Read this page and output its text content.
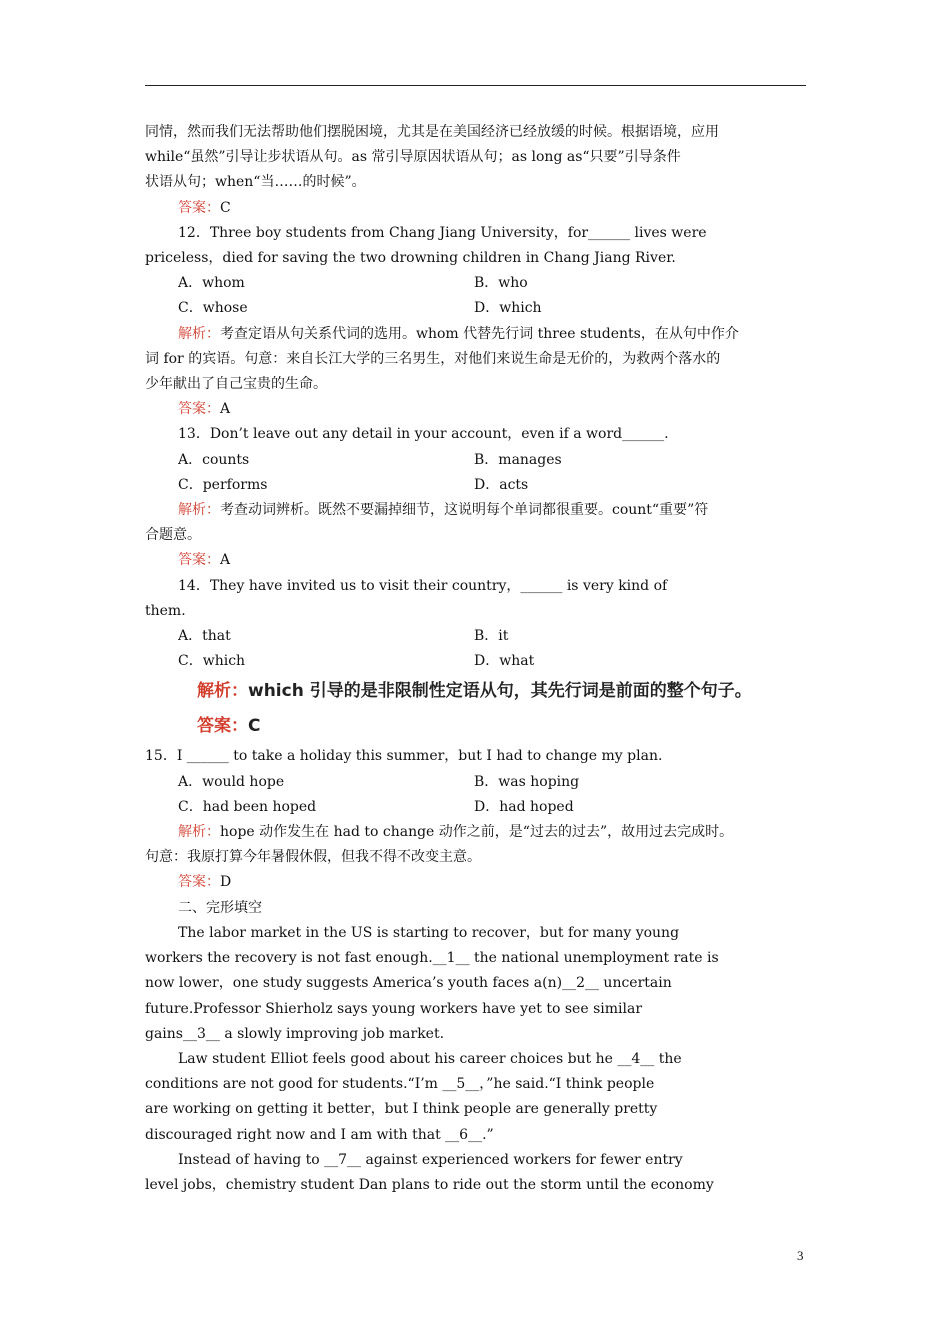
同情，然而我们无法帮助他们摆脱困境，尤其是在美国经济已经放缓的时候。根据语境，应用

while“虽然”引导让步状语从句。as 常引导原因状语从句；as long as“只要”引导条件

状语从句；when“当……的时候”。

答案：C

12．Three boy students from Chang Jiang University，for______ lives were

priceless，died for saving the two drowning children in Chang Jiang River.

A．whom	B．who
C．whose	D．which

解析：考查定语从句关系代词的选用。whom 代替先行词 three students，在从句中作介

词 for 的宾语。句意：来自长江大学的三名男生，对他们来说生命是无价的，为救两个落水的

少年献出了自己宝贵的生命。

答案：A

13．Don’t leave out any detail in your account，even if a word______.

A．counts	B．manages
C．performs	D．acts

解析：考查动词辨析。既然不要漏掉细节，这说明每个单词都很重要。count“重要”符

合题意。

答案：A

14．They have invited us to visit their country，______ is very kind of

them.

A．that	B．it
C．which	D．what

解析：which 引导的是非限制性定语从句，其先行词是前面的整个句子。

答案：C

15．I ______ to take a holiday this summer，but I had to change my plan.

A．would hope	B．was hoping
C．had been hoped	D．had hoped

解析：hope 动作发生在 had to change 动作之前，是“过去的过去”，故用过去完成时。

句意：我原打算今年暑假休假，但我不得不改变主意。

答案：D

二、完形填空

The labor market in the US is starting to recover，but for many young

workers the recovery is not fast enough.__1__ the national unemployment rate is

now lower，one study suggests America’s youth faces a(n)__2__ uncertain

future.Professor Shierholz says young workers have yet to see similar

gains__3__ a slowly improving job market.

Law student Elliot feels good about his career choices but he __4__ the

conditions are not good for students.“I’m __5__，”he said.“I think people

are working on getting it better，but I think people are generally pretty

discouraged right now and I am with that __6__.”

Instead of having to __7__ against experienced workers for fewer entry

level jobs，chemistry student Dan plans to ride out the storm until the economy

3
